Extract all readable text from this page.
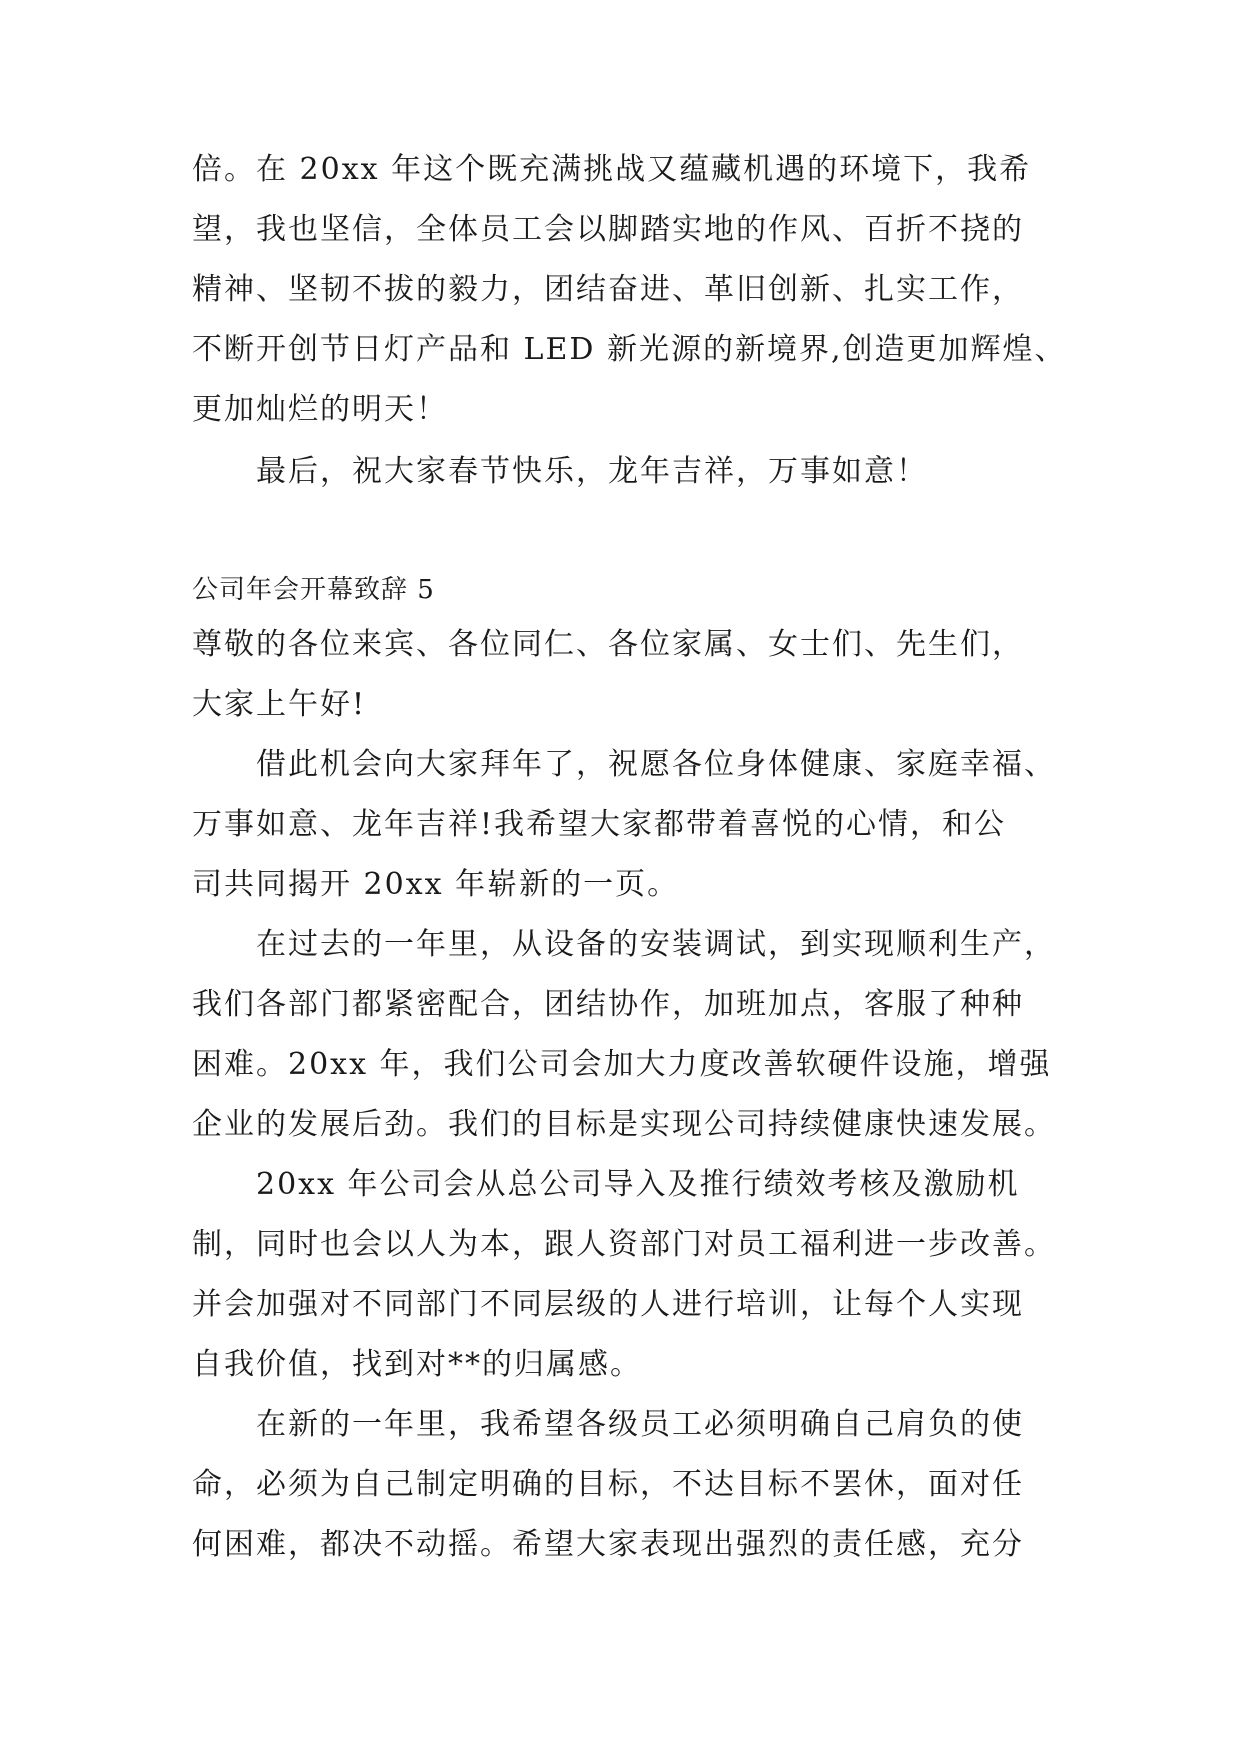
倍。在 20xx 年这个既充满挑战又蕴藏机遇的环境下，我希
望，我也坚信，全体员工会以脚踏实地的作风、百折不挠的
精神、坚韧不拔的毅力，团结奋进、革旧创新、扎实工作，
不断开创节日灯产品和 LED 新光源的新境界,创造更加辉煌、
更加灿烂的明天！
最后，祝大家春节快乐，龙年吉祥，万事如意！
公司年会开幕致辞 5
尊敬的各位来宾、各位同仁、各位家属、女士们、先生们，
大家上午好!
借此机会向大家拜年了，祝愿各位身体健康、家庭幸福、
万事如意、龙年吉祥!我希望大家都带着喜悦的心情，和公
司共同揭开 20xx 年崭新的一页。
在过去的一年里，从设备的安装调试，到实现顺利生产，
我们各部门都紧密配合，团结协作，加班加点，客服了种种
困难。20xx 年，我们公司会加大力度改善软硬件设施，增强
企业的发展后劲。我们的目标是实现公司持续健康快速发展。
20xx 年公司会从总公司导入及推行绩效考核及激励机
制，同时也会以人为本，跟人资部门对员工福利进一步改善。
并会加强对不同部门不同层级的人进行培训，让每个人实现
自我价值，找到对**的归属感。
在新的一年里，我希望各级员工必须明确自己肩负的使
命，必须为自己制定明确的目标，不达目标不罢休，面对任
何困难，都决不动摇。希望大家表现出强烈的责任感，充分
